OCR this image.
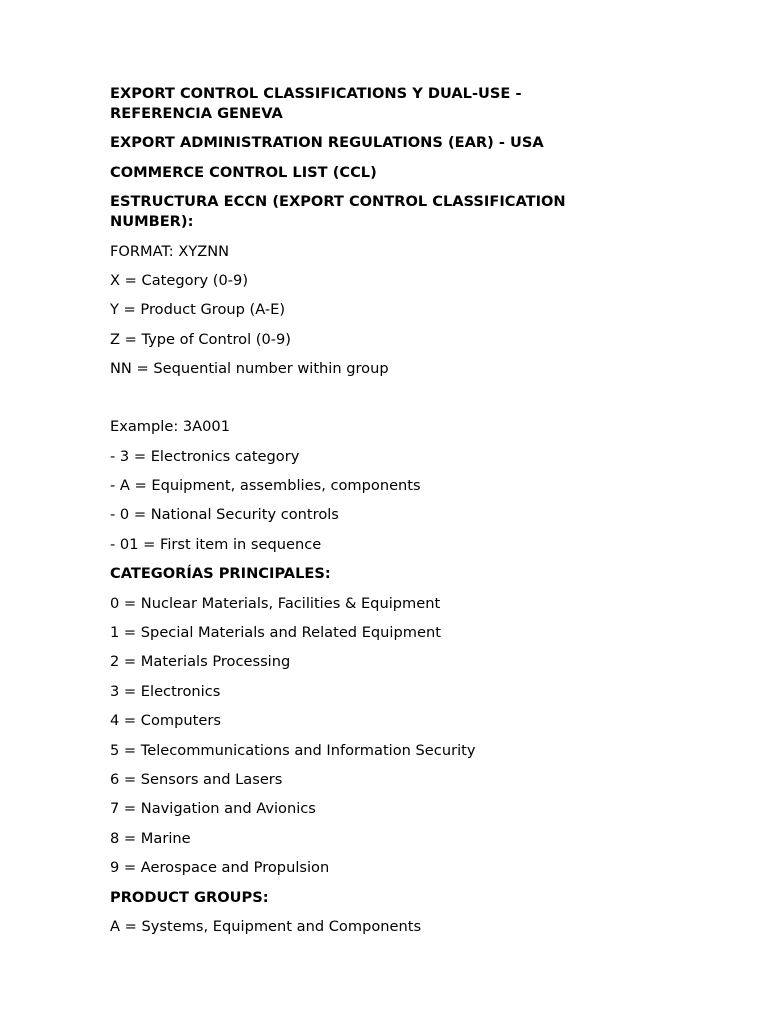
EXPORT CONTROL CLASSIFICATIONS Y DUAL-USE - REFERENCIA GENEVA
EXPORT ADMINISTRATION REGULATIONS (EAR) - USA
COMMERCE CONTROL LIST (CCL)
ESTRUCTURA ECCN (EXPORT CONTROL CLASSIFICATION NUMBER):
FORMAT: XYZNN
X = Category (0-9)
Y = Product Group (A-E)
Z = Type of Control (0-9)
NN = Sequential number within group
Example: 3A001
- 3 = Electronics category
- A = Equipment, assemblies, components
- 0 = National Security controls
- 01 = First item in sequence
CATEGORÍAS PRINCIPALES:
0 = Nuclear Materials, Facilities & Equipment
1 = Special Materials and Related Equipment
2 = Materials Processing
3 = Electronics
4 = Computers
5 = Telecommunications and Information Security
6 = Sensors and Lasers
7 = Navigation and Avionics
8 = Marine
9 = Aerospace and Propulsion
PRODUCT GROUPS:
A = Systems, Equipment and Components
